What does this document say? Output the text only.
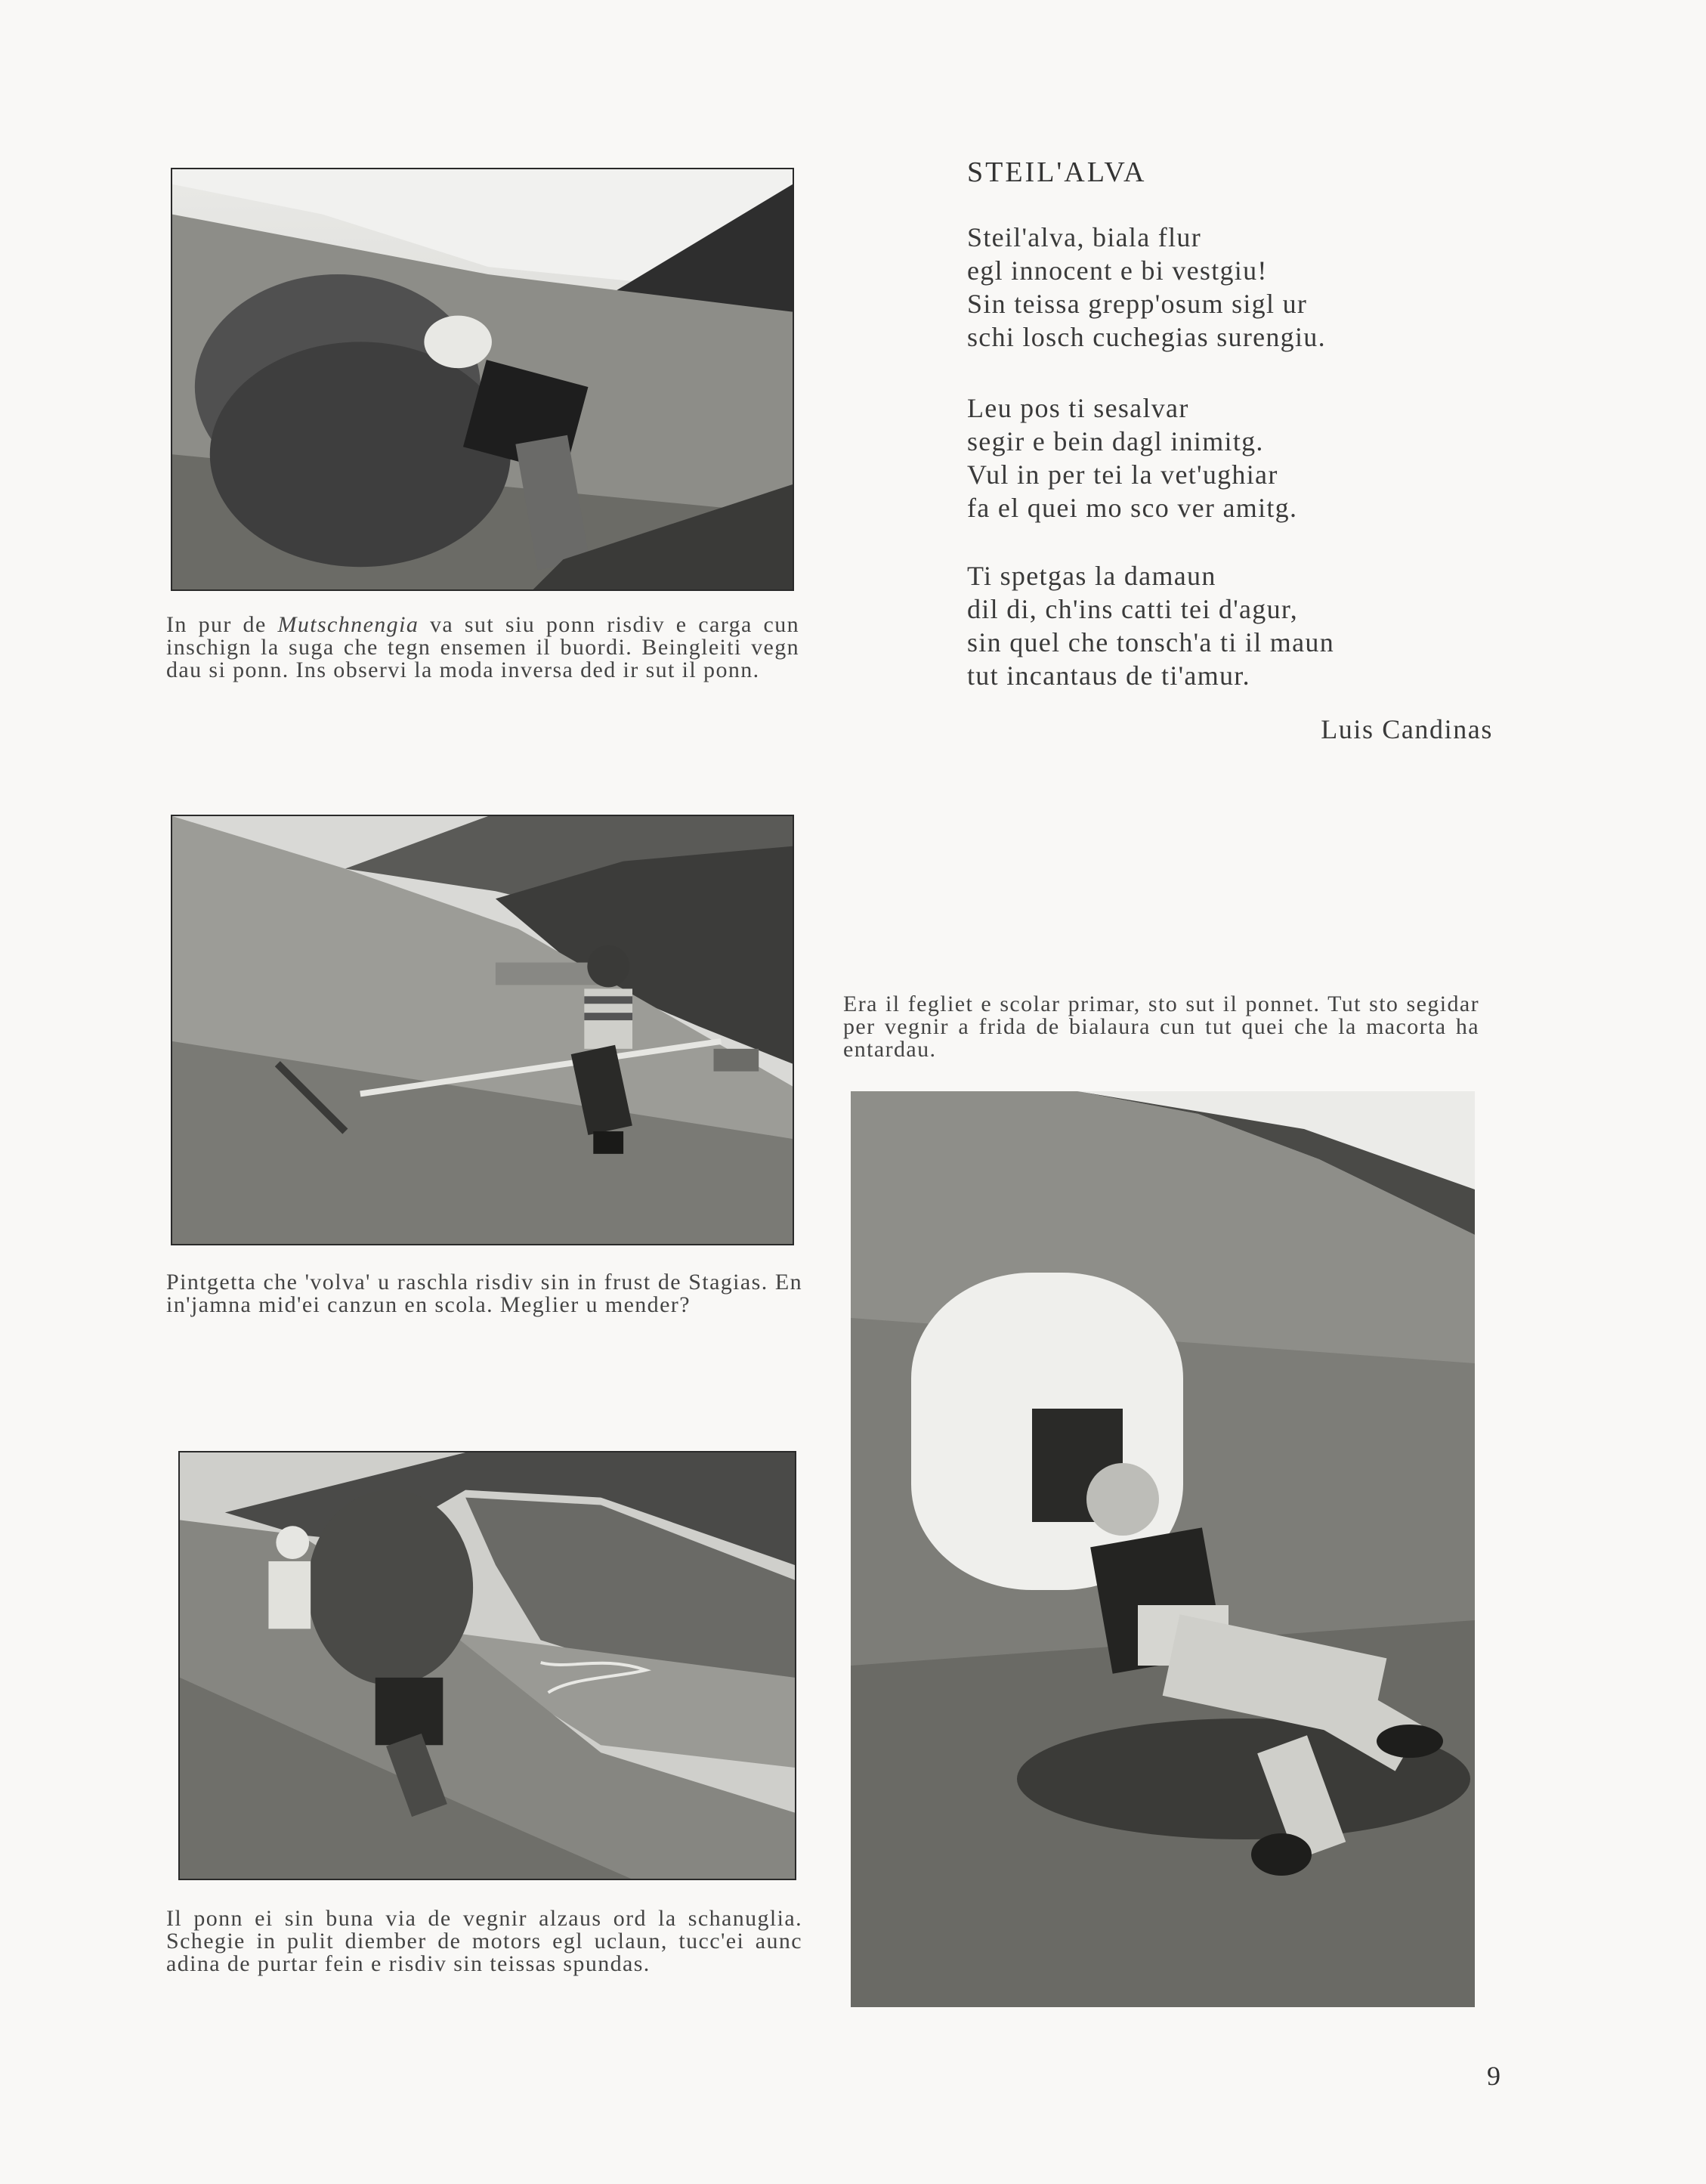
In pur de Mutschnengia va sut siu ponn risdiv e carga cun inschign la suga che tegn ensemen il buordi. Beingleiti vegn dau si ponn. Ins observi la moda inversa ded ir sut il ponn.

STEIL'ALVA
Steil'alva, biala flur
egl innocent e bi vestgiu!
Sin teissa grepp'osum sigl ur
schi losch cuchegias surengiu.
Leu pos ti sesalvar
segir e bein dagl inimitg.
Vul in per tei la vet'ughiar
fa el quei mo sco ver amitg.
Ti spetgas la damaun
dil di, ch'ins catti tei d'agur,
sin quel che tonsch'a ti il maun
tut incantaus de ti'amur.
Luis Candinas

Pintgetta che 'volva' u raschla risdiv sin in frust de Stagias. En in'jamna mid'ei canzun en scola. Meglier u mender?

Il ponn ei sin buna via de vegnir alzaus ord la schanuglia. Schegie in pulit diember de motors egl uclaun, tucc'ei aunc adina de purtar fein e risdiv sin teissas spundas.

Era il fegliet e scolar primar, sto sut il ponnet. Tut sto segidar per vegnir a frida de bialaura cun tut quei che la macorta ha entardau.

9
